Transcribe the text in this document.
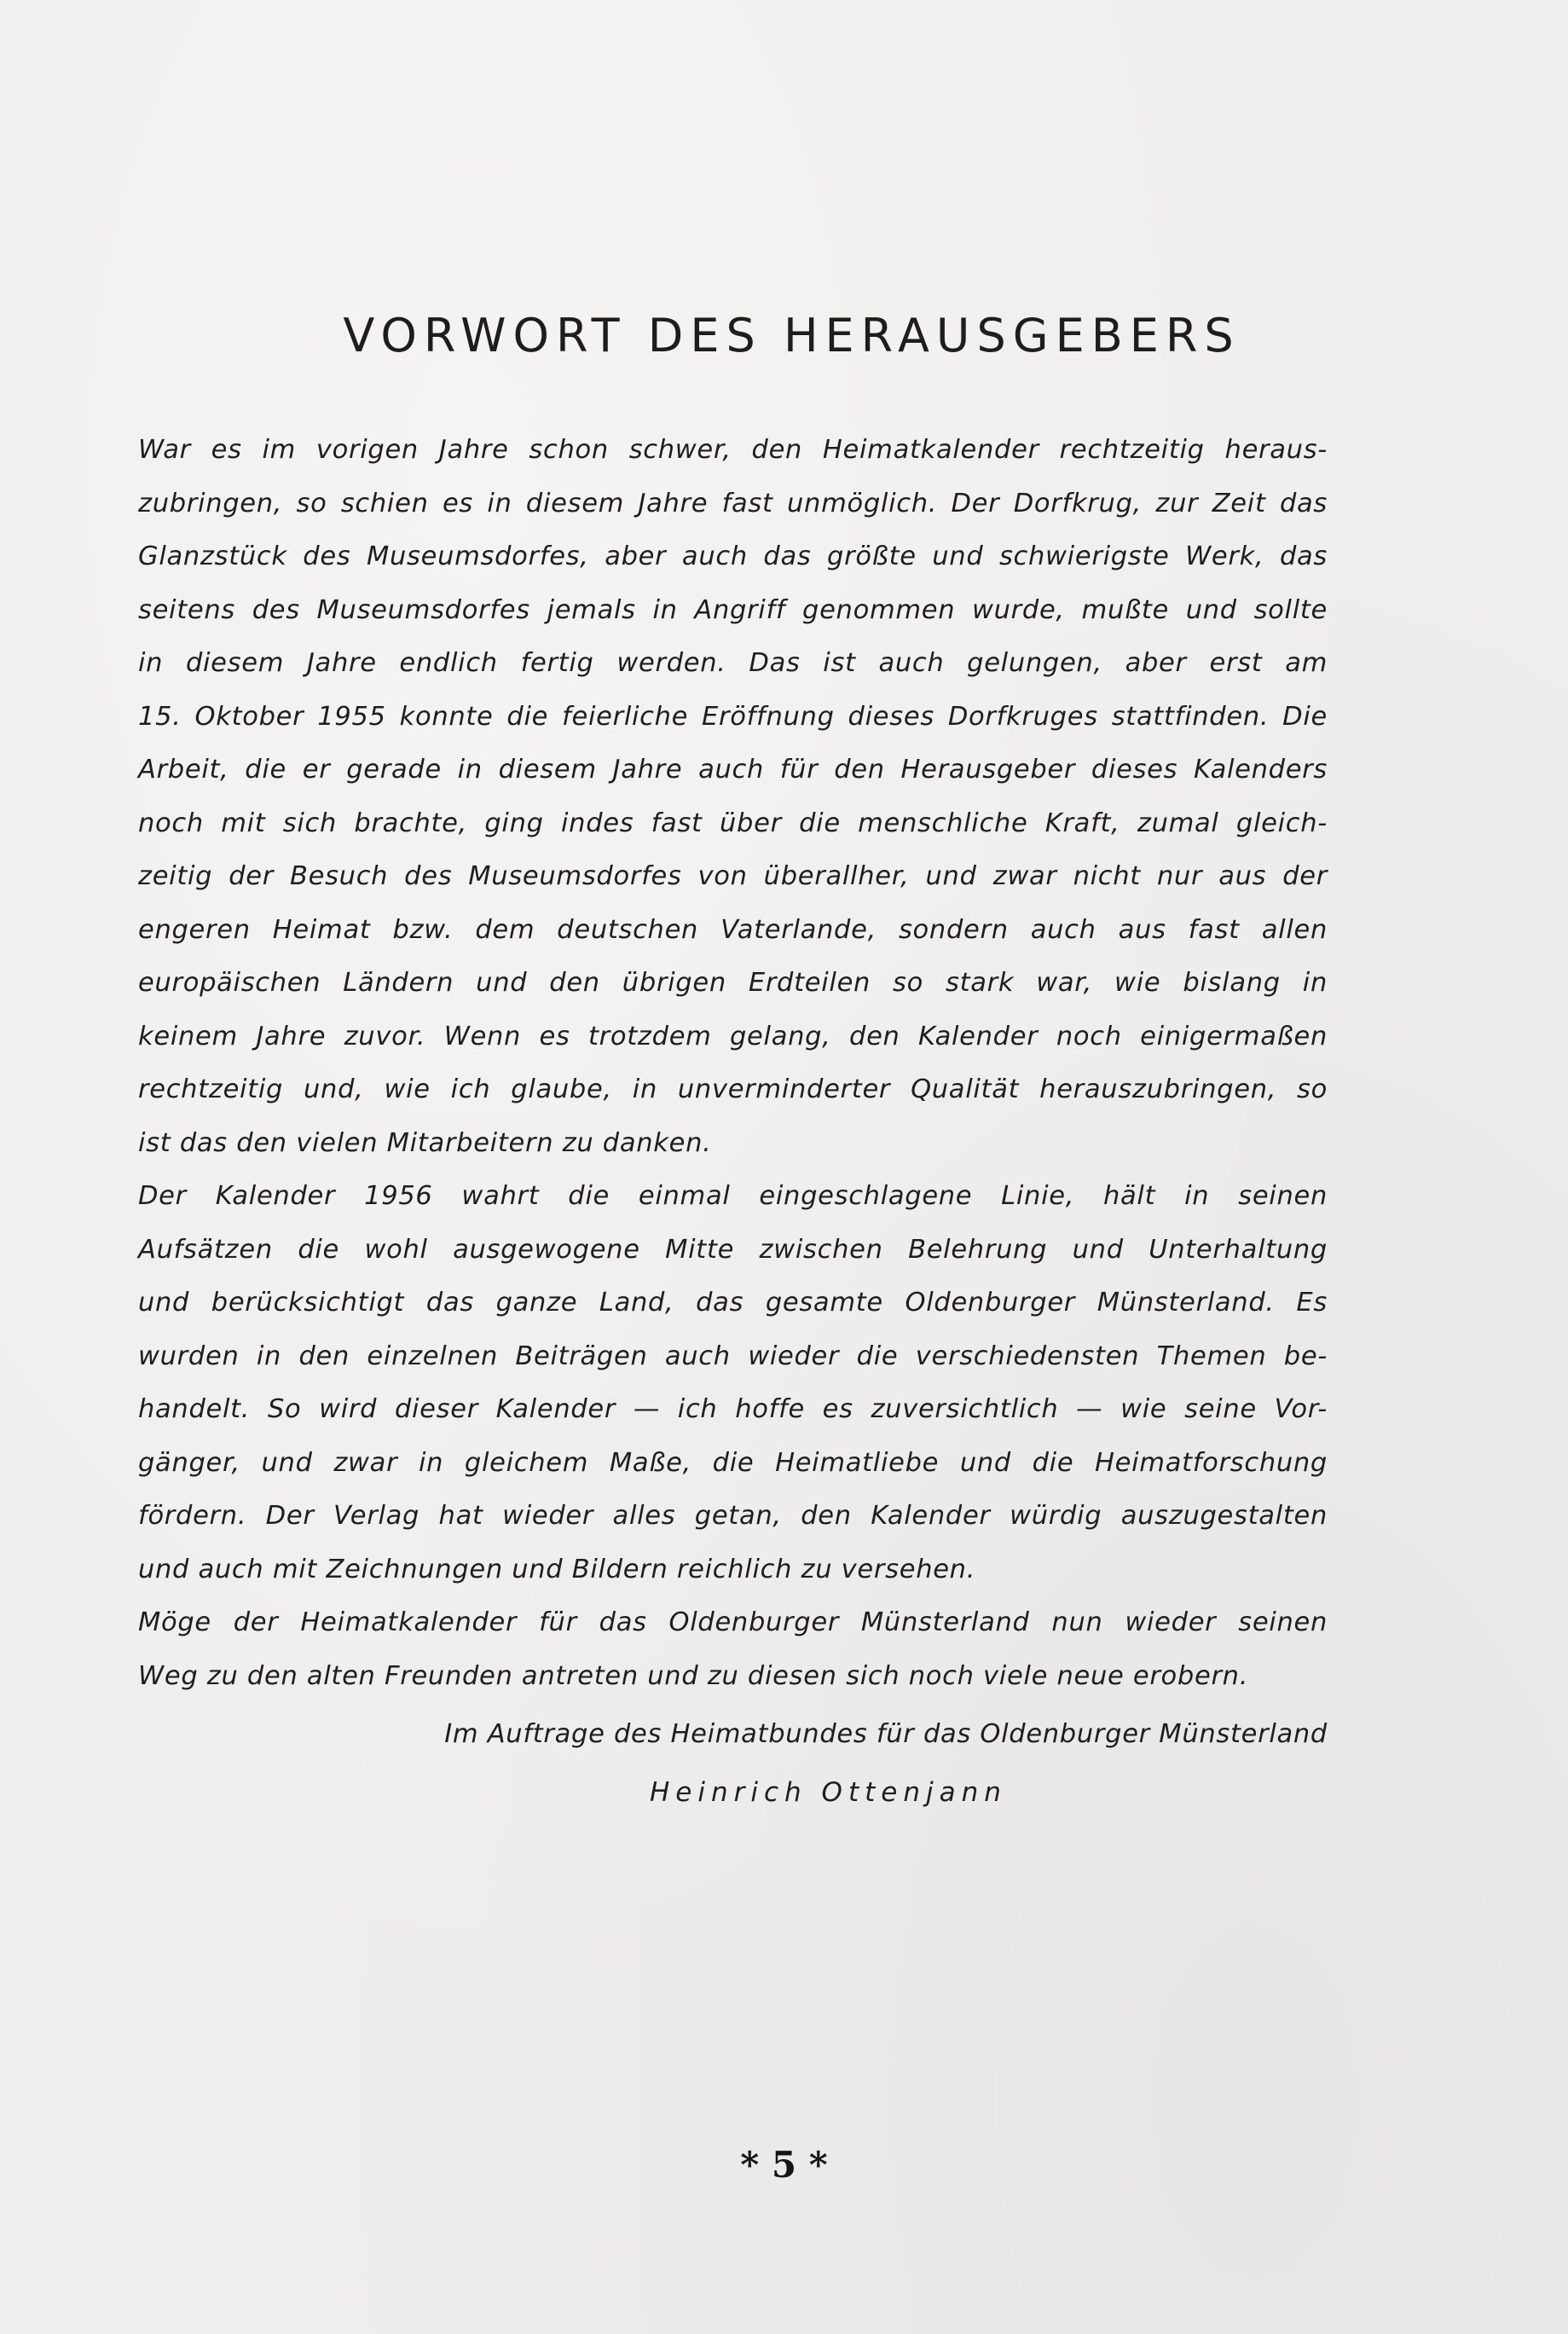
VORWORT DES HERAUSGEBERS
War es im vorigen Jahre schon schwer, den Heimatkalender rechtzeitig heraus-
zubringen, so schien es in diesem Jahre fast unmöglich. Der Dorfkrug, zur Zeit das
Glanzstück des Museumsdorfes, aber auch das größte und schwierigste Werk, das
seitens des Museumsdorfes jemals in Angriff genommen wurde, mußte und sollte
in diesem Jahre endlich fertig werden. Das ist auch gelungen, aber erst am
15. Oktober 1955 konnte die feierliche Eröffnung dieses Dorfkruges stattfinden. Die
Arbeit, die er gerade in diesem Jahre auch für den Herausgeber dieses Kalenders
noch mit sich brachte, ging indes fast über die menschliche Kraft, zumal gleich-
zeitig der Besuch des Museumsdorfes von überallher, und zwar nicht nur aus der
engeren Heimat bzw. dem deutschen Vaterlande, sondern auch aus fast allen
europäischen Ländern und den übrigen Erdteilen so stark war, wie bislang in
keinem Jahre zuvor. Wenn es trotzdem gelang, den Kalender noch einigermaßen
rechtzeitig und, wie ich glaube, in unverminderter Qualität herauszubringen, so
ist das den vielen Mitarbeitern zu danken.
Der Kalender 1956 wahrt die einmal eingeschlagene Linie, hält in seinen
Aufsätzen die wohl ausgewogene Mitte zwischen Belehrung und Unterhaltung
und berücksichtigt das ganze Land, das gesamte Oldenburger Münsterland. Es
wurden in den einzelnen Beiträgen auch wieder die verschiedensten Themen be-
handelt. So wird dieser Kalender — ich hoffe es zuversichtlich — wie seine Vor-
gänger, und zwar in gleichem Maße, die Heimatliebe und die Heimatforschung
fördern. Der Verlag hat wieder alles getan, den Kalender würdig auszugestalten
und auch mit Zeichnungen und Bildern reichlich zu versehen.
Möge der Heimatkalender für das Oldenburger Münsterland nun wieder seinen
Weg zu den alten Freunden antreten und zu diesen sich noch viele neue erobern.
Im Auftrage des Heimatbundes für das Oldenburger Münsterland
Heinrich Ottenjann
* 5 *
